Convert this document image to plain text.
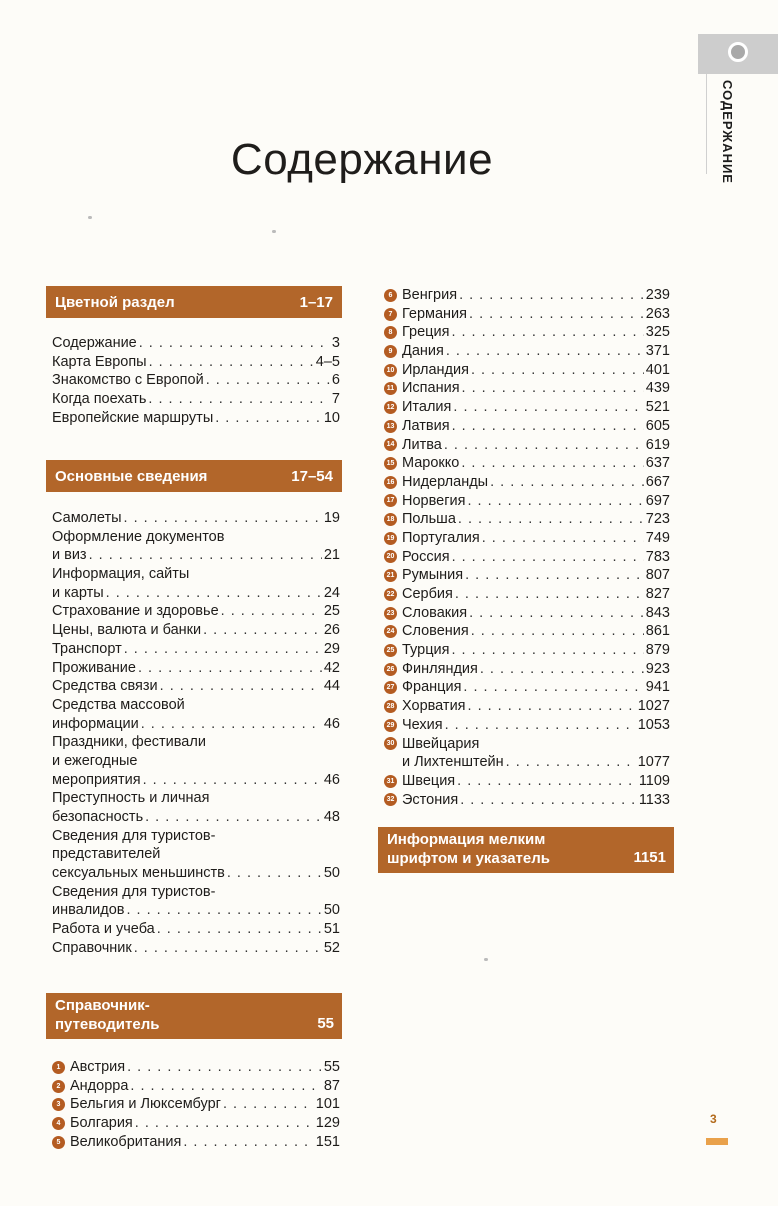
СОДЕРЖАНИЕ
Содержание
Цветной раздел	1–17
Содержание . . .	3
Карта Европы . . .	4–5
Знакомство с Европой . . .	6
Когда поехать . . .	7
Европейские маршруты . . .	10
Основные сведения	17–54
Самолеты . . .	19
Оформление документов
и виз . . .	21
Информация, сайты
и карты . . .	24
Страхование и здоровье . . .	25
Цены, валюта и банки . . .	26
Транспорт . . .	29
Проживание . . .	42
Средства связи . . .	44
Средства массовой
информации . . .	46
Праздники, фестивали
и ежегодные
мероприятия . . .	46
Преступность и личная
безопасность . . .	48
Сведения для туристов-
представителей
сексуальных меньшинств . . .	50
Сведения для туристов-
инвалидов . . .	50
Работа и учеба . . .	51
Справочник . . .	52
Справочник-
путеводитель	55
1 Австрия . . .	55
2 Андорра . . .	87
3 Бельгия и Люксембург . . .	101
4 Болгария . . .	129
5 Великобритания . . .	151
6 Венгрия . . .	239
7 Германия . . .	263
8 Греция . . .	325
9 Дания . . .	371
10 Ирландия . . .	401
11 Испания . . .	439
12 Италия . . .	521
13 Латвия . . .	605
14 Литва . . .	619
15 Марокко . . .	637
16 Нидерланды . . .	667
17 Норвегия . . .	697
18 Польша . . .	723
19 Португалия . . .	749
20 Россия . . .	783
21 Румыния . . .	807
22 Сербия . . .	827
23 Словакия . . .	843
24 Словения . . .	861
25 Турция . . .	879
26 Финляндия . . .	923
27 Франция . . .	941
28 Хорватия . . .	1027
29 Чехия . . .	1053
30 Швейцария
и Лихтенштейн . . .	1077
31 Швеция . . .	1109
32 Эстония . . .	1133
Информация мелким
шрифтом и указатель	1151
3
